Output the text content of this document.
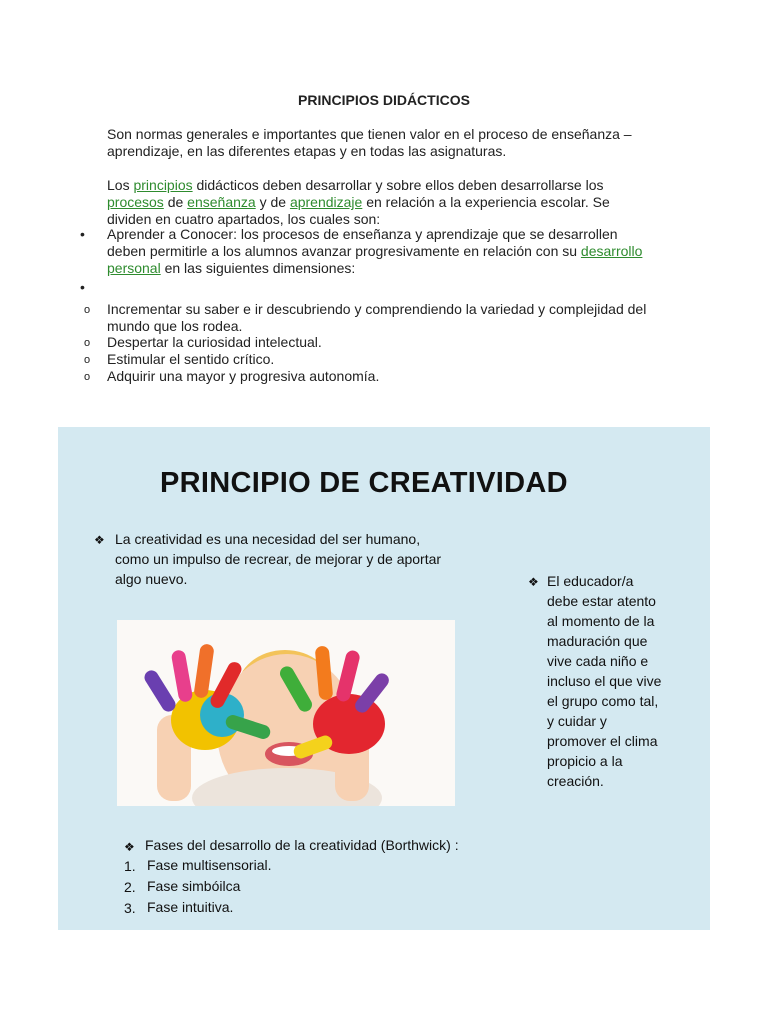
PRINCIPIOS DIDÁCTICOS
Son normas generales e importantes que tienen valor en el proceso de enseñanza – aprendizaje, en las diferentes etapas y en todas las asignaturas.
Los principios didácticos deben desarrollar y sobre ellos deben desarrollarse los procesos de enseñanza y de aprendizaje en relación a la experiencia escolar. Se dividen en cuatro apartados, los cuales son:
• Aprender a Conocer: los procesos de enseñanza y aprendizaje que se desarrollen deben permitirle a los alumnos avanzar progresivamente en relación con su desarrollo personal en las siguientes dimensiones:
•
o Incrementar su saber e ir descubriendo y comprendiendo la variedad y complejidad del mundo que los rodea.
o Despertar la curiosidad intelectual.
o Estimular el sentido crítico.
o Adquirir una mayor y progresiva autonomía.
PRINCIPIO DE CREATIVIDAD
❖ La creatividad es una necesidad del ser humano, como un impulso de recrear, de mejorar y de aportar algo nuevo.	❖ El educador/a debe estar atento al momento de la maduración que vive cada niño e incluso el que vive el grupo como tal, y cuidar y promover el clima propicio a la creación.
❖ Fases del desarrollo de la creatividad (Borthwick) :
1. Fase multisensorial.
2. Fase simbóilca
3. Fase intuitiva.
